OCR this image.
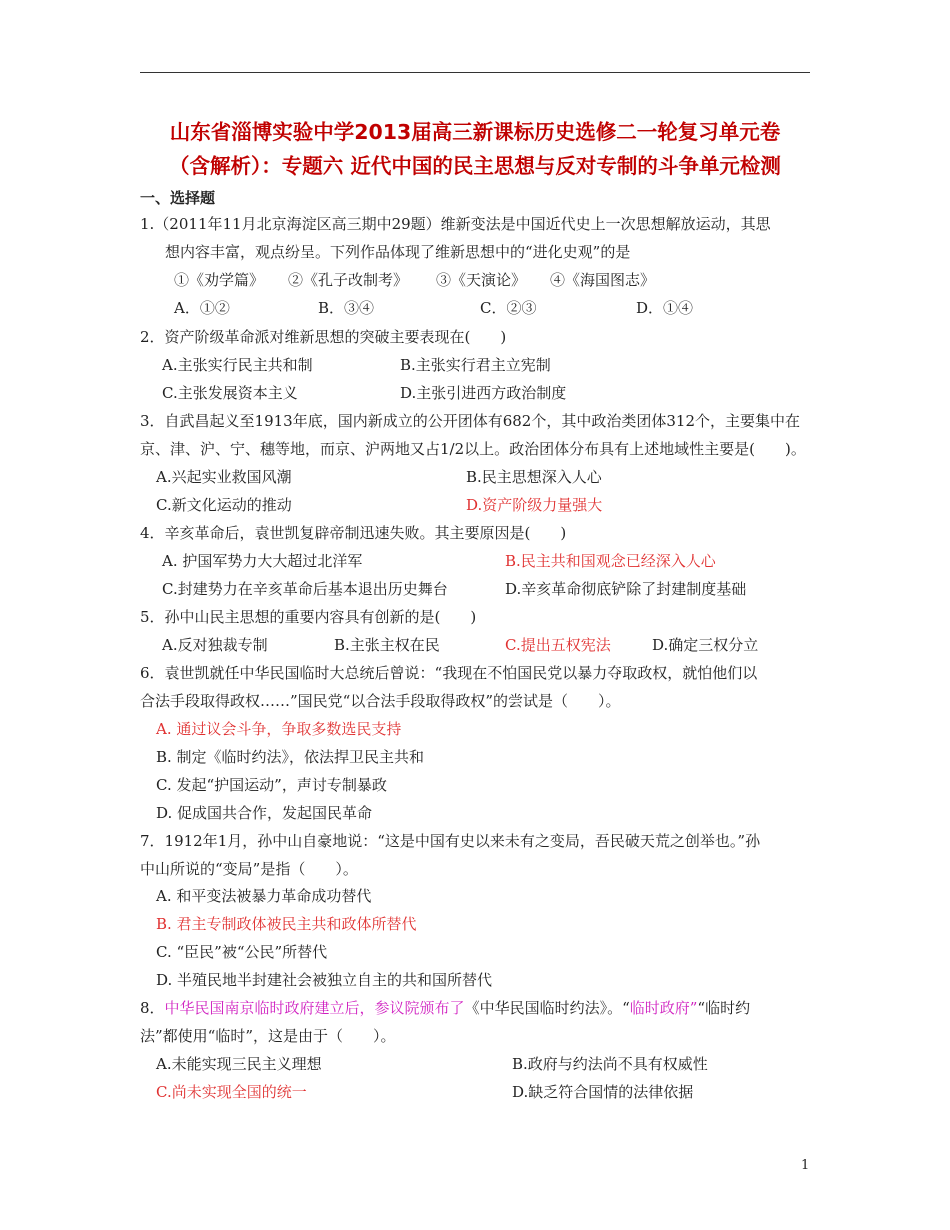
山东省淄博实验中学2013届高三新课标历史选修二一轮复习单元卷
（含解析）：专题六 近代中国的民主思想与反对专制的斗争单元检测
一、选择题
1.（2011年11月北京海淀区高三期中29题）维新变法是中国近代史上一次思想解放运动，其思
想内容丰富，观点纷呈。下列作品体现了维新思想中的“进化史观”的是
①《劝学篇》 ②《孔子改制考》 ③《天演论》 ④《海国图志》
A．①②	B．③④	C．②③	D．①④
2．资产阶级革命派对维新思想的突破主要表现在(　　)
A.主张实行民主共和制	B.主张实行君主立宪制
C.主张发展资本主义	D.主张引进西方政治制度
3．自武昌起义至1913年底，国内新成立的公开团体有682个，其中政治类团体312个，主要集中在
京、津、沪、宁、穗等地，而京、沪两地又占1/2以上。政治团体分布具有上述地域性主要是(　　)。
A.兴起实业救国风潮	B.民主思想深入人心
C.新文化运动的推动	D.资产阶级力量强大
4．辛亥革命后，袁世凯复辟帝制迅速失败。其主要原因是(　　)
A. 护国军势力大大超过北洋军	B.民主共和国观念已经深入人心
C.封建势力在辛亥革命后基本退出历史舞台	D.辛亥革命彻底铲除了封建制度基础
5．孙中山民主思想的重要内容具有创新的是(　　)
A.反对独裁专制	B.主张主权在民	C.提出五权宪法	D.确定三权分立
6．袁世凯就任中华民国临时大总统后曾说：“我现在不怕国民党以暴力夺取政权，就怕他们以
合法手段取得政权……”国民党“以合法手段取得政权”的尝试是（　　）。
A. 通过议会斗争，争取多数选民支持
B. 制定《临时约法》，依法捍卫民主共和
C. 发起“护国运动”，声讨专制暴政
D. 促成国共合作，发起国民革命
7．1912年1月，孙中山自豪地说：“这是中国有史以来未有之变局，吾民破天荒之创举也。”孙
中山所说的“变局”是指（　　）。
A. 和平变法被暴力革命成功替代
B. 君主专制政体被民主共和政体所替代
C. “臣民”被“公民”所替代
D. 半殖民地半封建社会被独立自主的共和国所替代
8．中华民国南京临时政府建立后，参议院颁布了《中华民国临时约法》。“临时政府”“临时约
法”都使用“临时”，这是由于（　　）。
A.未能实现三民主义理想	B.政府与约法尚不具有权威性
C.尚未实现全国的统一	D.缺乏符合国情的法律依据
1
